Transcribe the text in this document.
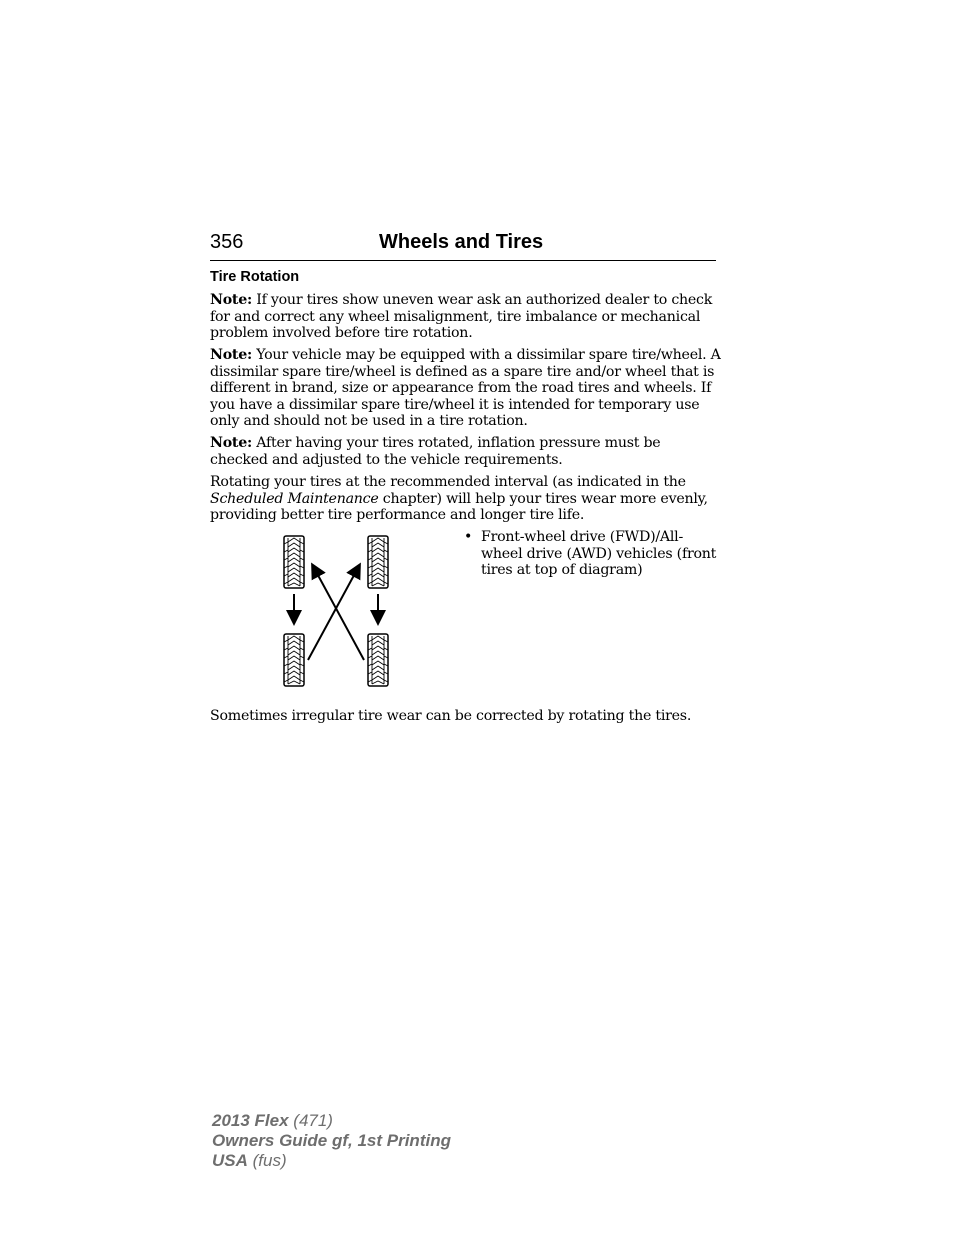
356	Wheels and Tires
Tire Rotation
Note: If your tires show uneven wear ask an authorized dealer to check for and correct any wheel misalignment, tire imbalance or mechanical problem involved before tire rotation.
Note: Your vehicle may be equipped with a dissimilar spare tire/wheel. A dissimilar spare tire/wheel is defined as a spare tire and/or wheel that is different in brand, size or appearance from the road tires and wheels. If you have a dissimilar spare tire/wheel it is intended for temporary use only and should not be used in a tire rotation.
Note: After having your tires rotated, inflation pressure must be checked and adjusted to the vehicle requirements.
Rotating your tires at the recommended interval (as indicated in the Scheduled Maintenance chapter) will help your tires wear more evenly, providing better tire performance and longer tire life.
• Front-wheel drive (FWD)/All-wheel drive (AWD) vehicles (front tires at top of diagram)
Sometimes irregular tire wear can be corrected by rotating the tires.
2013 Flex (471)
Owners Guide gf, 1st Printing
USA (fus)
